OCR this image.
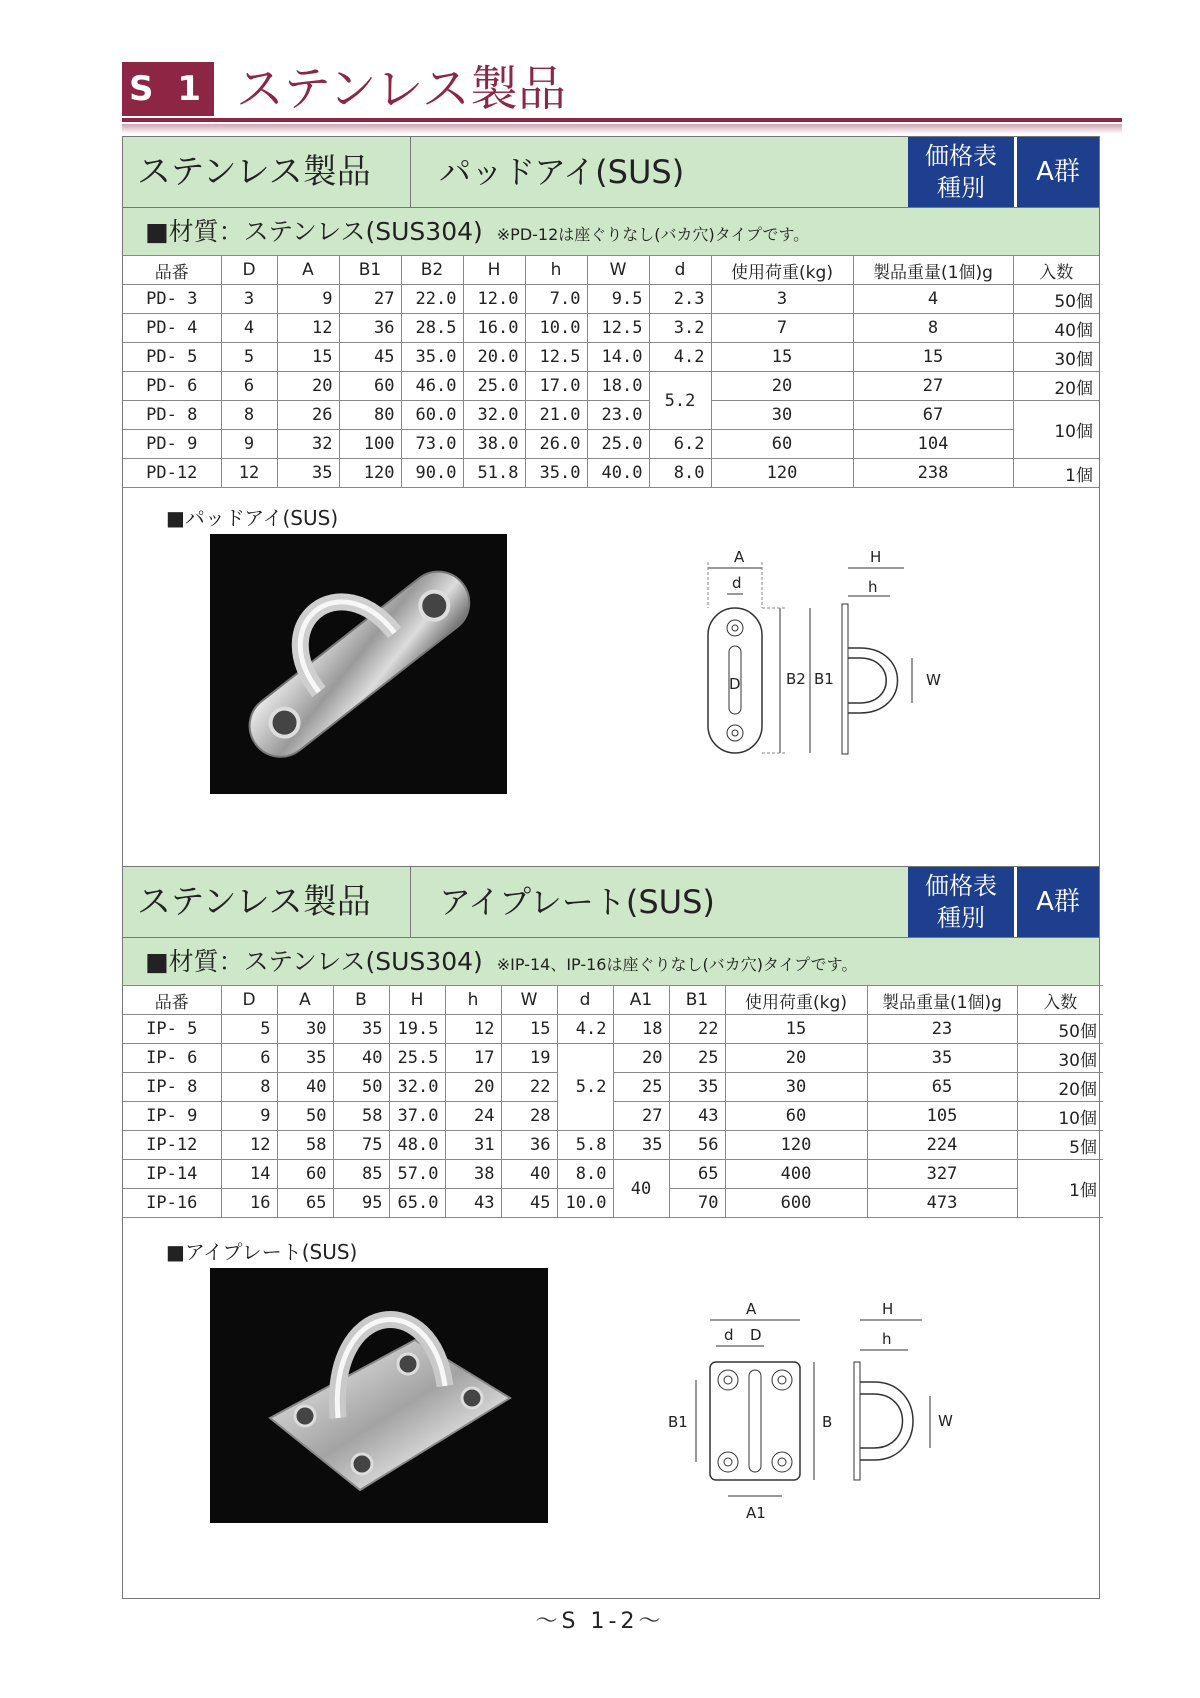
S 1 ステンレス製品
ステンレス製品	パッドアイ(SUS)	価格表
種別
A群
■材質：ステンレス(SUS304) ※PD-12は座ぐりなし(バカ穴)タイプです。
品番	D	A	B1	B2	H	h	W	d	使用荷重(kg)	製品重量(1個)g	入数
PD- 3	3	9	27	22.0	12.0	7.0	9.5	2.3	3	4	50個
PD- 4	4	12	36	28.5	16.0	10.0	12.5	3.2	7	8	40個
PD- 5	5	15	45	35.0	20.0	12.5	14.0	4.2	15	15	30個
PD- 6	6	20	60	46.0	25.0	17.0	18.0	5.2	20	27	20個
PD- 8	8	26	80	60.0	32.0	21.0	23.0		30	67	10個
PD- 9	9	32	100	73.0	38.0	26.0	25.0	6.2	60	104	
PD-12	12	35	120	90.0	51.8	35.0	40.0	8.0	120	238	1個
■パッドアイ(SUS)
A
d
D	B2 B1
H
h
W
ステンレス製品	アイプレート(SUS)	価格表
種別
A群
■材質：ステンレス(SUS304) ※IP-14、IP-16は座ぐりなし(バカ穴)タイプです。
品番	D	A	B	H	h	W	d	A1	B1	使用荷重(kg)	製品重量(1個)g	入数
IP- 5	5	30	35	19.5	12	15	4.2	18	22	15	23	50個
IP- 6	6	35	40	25.5	17	19	5.2	20	25	20	35	30個
IP- 8	8	40	50	32.0	20	22		25	35	30	65	20個
IP- 9	9	50	58	37.0	24	28		27	43	60	105	10個
IP-12	12	58	75	48.0	31	36	5.8	35	56	120	224	5個
IP-14	14	60	85	57.0	38	40	8.0	40	65	400	327	1個
IP-16	16	65	95	65.0	43	45	10.0		70	600	473	
■アイプレート(SUS)
A
d D
B1	B
A1
H
h
W
～S 1-2～
